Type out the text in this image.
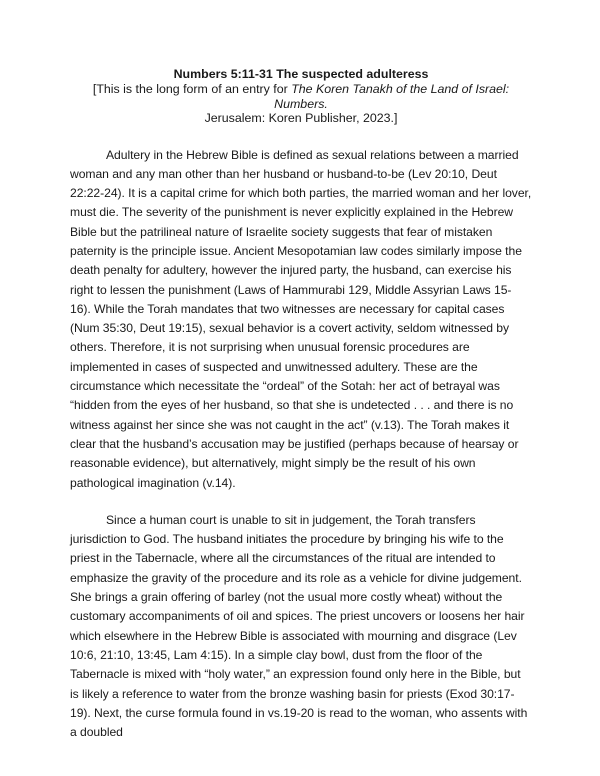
Numbers 5:11-31 The suspected adulteress

[This is the long form of an entry for The Koren Tanakh of the Land of Israel: Numbers.
Jerusalem: Koren Publisher, 2023.]

Adultery in the Hebrew Bible is defined as sexual relations between a married woman and any man other than her husband or husband-to-be (Lev 20:10, Deut 22:22-24). It is a capital crime for which both parties, the married woman and her lover, must die. The severity of the punishment is never explicitly explained in the Hebrew Bible but the patrilineal nature of Israelite society suggests that fear of mistaken paternity is the principle issue. Ancient Mesopotamian law codes similarly impose the death penalty for adultery, however the injured party, the husband, can exercise his right to lessen the punishment (Laws of Hammurabi 129, Middle Assyrian Laws 15-16). While the Torah mandates that two witnesses are necessary for capital cases (Num 35:30, Deut 19:15), sexual behavior is a covert activity, seldom witnessed by others. Therefore, it is not surprising when unusual forensic procedures are implemented in cases of suspected and unwitnessed adultery. These are the circumstance which necessitate the “ordeal” of the Sotah: her act of betrayal was “hidden from the eyes of her husband, so that she is undetected . . . and there is no witness against her since she was not caught in the act” (v.13). The Torah makes it clear that the husband’s accusation may be justified (perhaps because of hearsay or reasonable evidence), but alternatively, might simply be the result of his own pathological imagination (v.14).

Since a human court is unable to sit in judgement, the Torah transfers jurisdiction to God. The husband initiates the procedure by bringing his wife to the priest in the Tabernacle, where all the circumstances of the ritual are intended to emphasize the gravity of the procedure and its role as a vehicle for divine judgement. She brings a grain offering of barley (not the usual more costly wheat) without the customary accompaniments of oil and spices. The priest uncovers or loosens her hair which elsewhere in the Hebrew Bible is associated with mourning and disgrace (Lev 10:6, 21:10, 13:45, Lam 4:15). In a simple clay bowl, dust from the floor of the Tabernacle is mixed with “holy water,” an expression found only here in the Bible, but is likely a reference to water from the bronze washing basin for priests (Exod 30:17-19). Next, the curse formula found in vs.19-20 is read to the woman, who assents with a doubled
